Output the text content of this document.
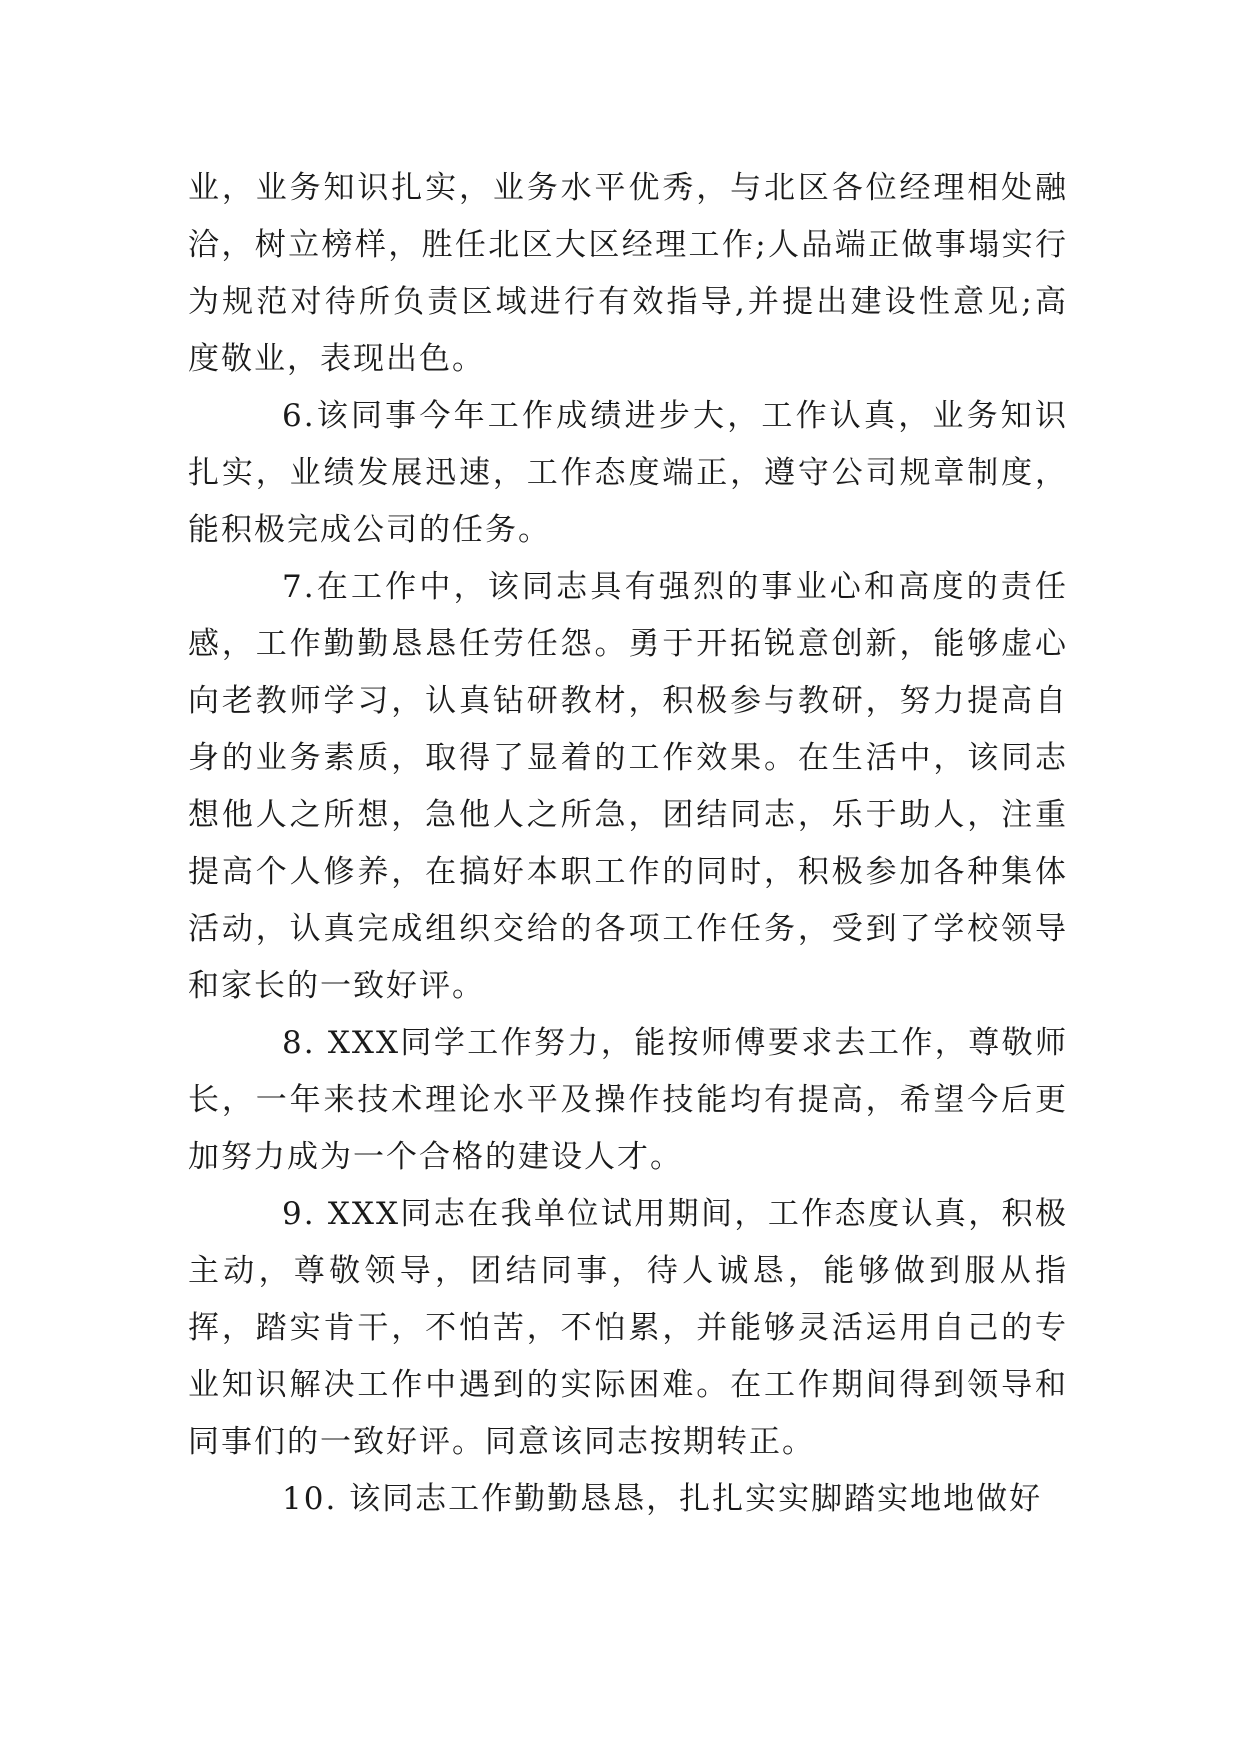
业，业务知识扎实，业务水平优秀，与北区各位经理相处融洽，树立榜样，胜任北区大区经理工作;人品端正做事塌实行为规范对待所负责区域进行有效指导,并提出建设性意见;高度敬业，表现出色。

6.该同事今年工作成绩进步大，工作认真，业务知识扎实，业绩发展迅速，工作态度端正，遵守公司规章制度，能积极完成公司的任务。

7.在工作中，该同志具有强烈的事业心和高度的责任感，工作勤勤恳恳任劳任怨。勇于开拓锐意创新，能够虚心向老教师学习，认真钻研教材，积极参与教研，努力提高自身的业务素质，取得了显着的工作效果。在生活中，该同志想他人之所想，急他人之所急，团结同志，乐于助人，注重提高个人修养，在搞好本职工作的同时，积极参加各种集体活动，认真完成组织交给的各项工作任务，受到了学校领导和家长的一致好评。

8. XXX同学工作努力，能按师傅要求去工作，尊敬师长，一年来技术理论水平及操作技能均有提高，希望今后更加努力成为一个合格的建设人才。

9. XXX同志在我单位试用期间，工作态度认真，积极主动，尊敬领导，团结同事，待人诚恳，能够做到服从指挥，踏实肯干，不怕苦，不怕累，并能够灵活运用自己的专业知识解决工作中遇到的实际困难。在工作期间得到领导和同事们的一致好评。同意该同志按期转正。

10. 该同志工作勤勤恳恳，扎扎实实脚踏实地地做好
